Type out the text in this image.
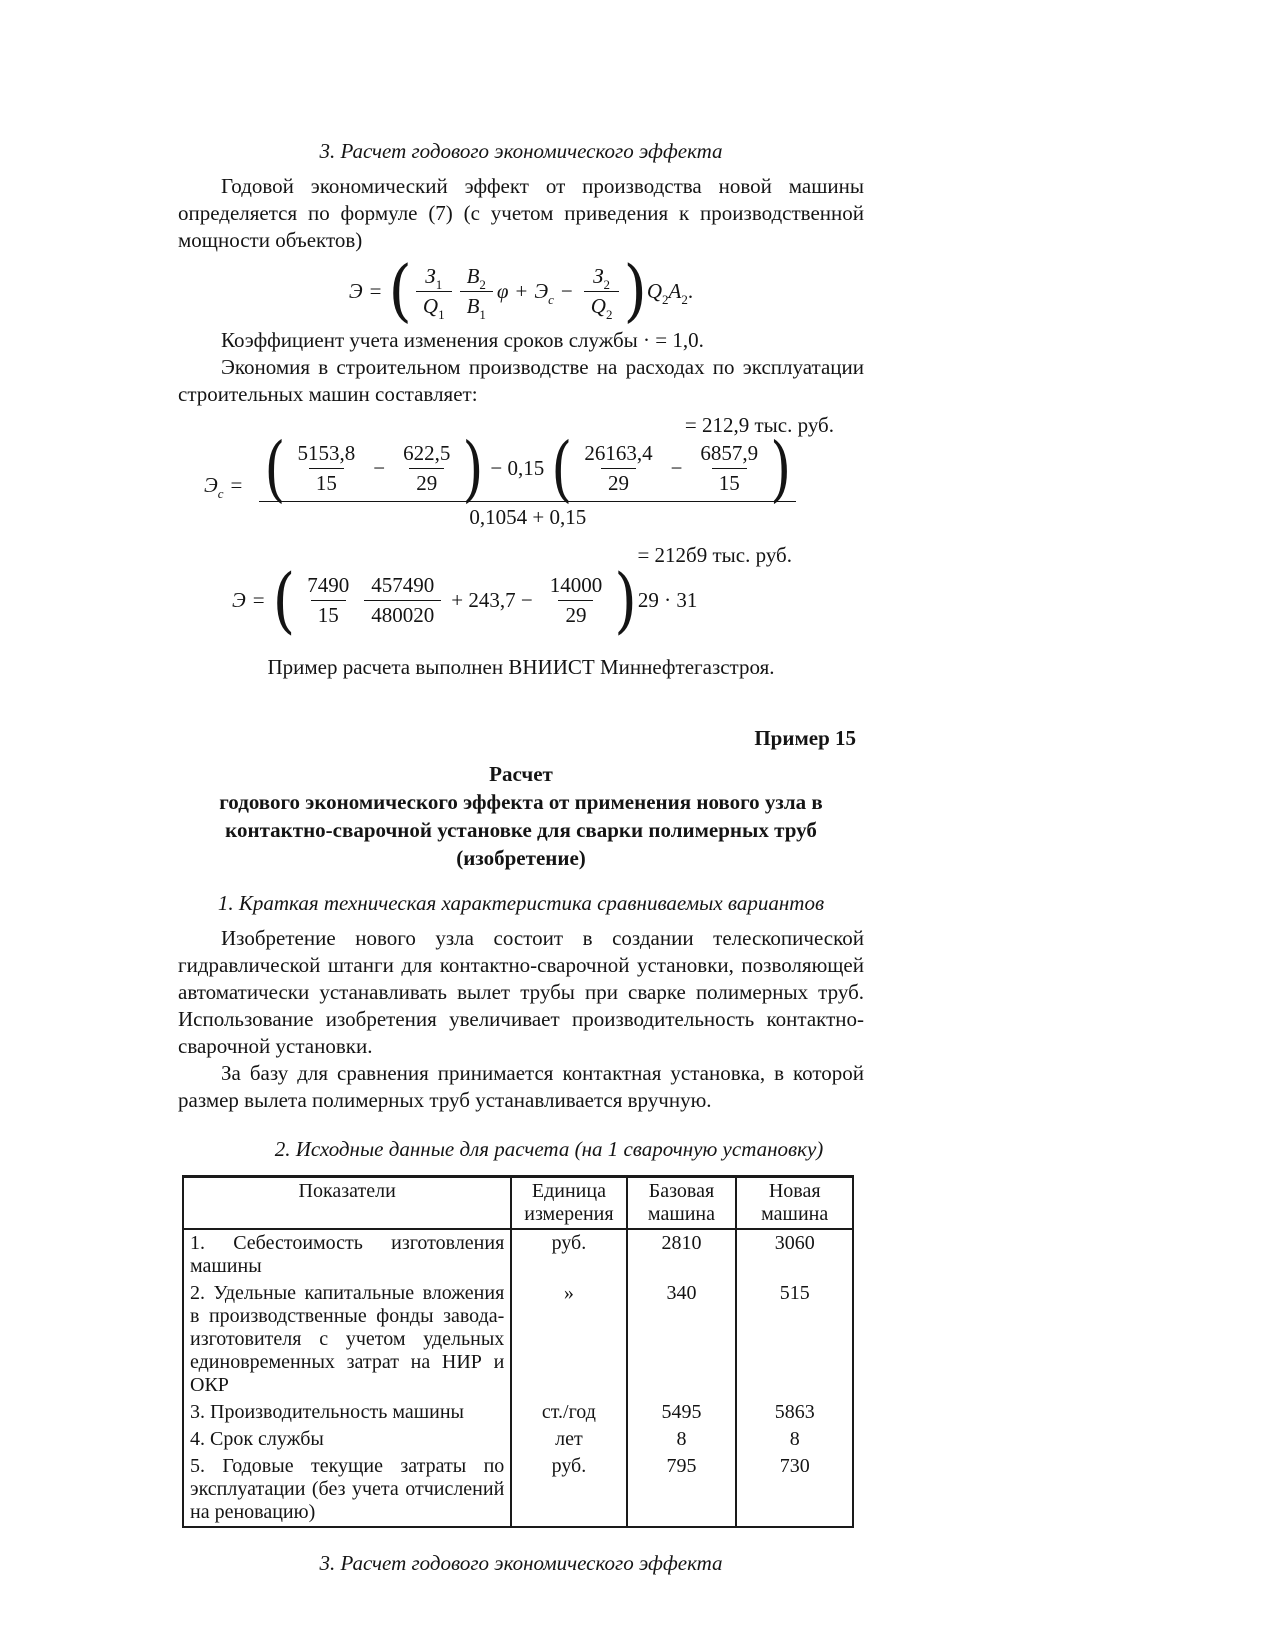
3. Расчет годового экономического эффекта

Годовой экономический эффект от производства новой машины определяется по формуле (7) (с учетом приведения к производственной мощности объектов)

Э = ( $\frac{З_1}{Q_1} \frac{В_2}{В_1}$ $\varphi + Э_с - \frac{З_2}{Q_2}$ ) $Q_2A_2$.

Коэффициент учета изменения сроков службы · = 1,0.

Экономия в строительном производстве на расходах по эксплуатации строительных машин составляет:

= 212,9 тыс. руб.
$Э_с$ = ( $\frac{5153,8}{15} - \frac{622,5}{29}$ ) − 0,15 ( $\frac{26163,4}{29} - \frac{6857,9}{15}$ )
0,1054 + 0,15
= 212б9 тыс. руб.
Э = ( $\frac{7490}{15} \frac{457490}{480020} + 243,7 - \frac{14000}{29}$ ) 29 · 31
Пример расчета выполнен ВНИИСТ Миннефтегазстроя.
Пример 15
Расчет
годового экономического эффекта от применения нового узла в
контактно-сварочной установке для сварки полимерных труб
(изобретение)
1. Краткая техническая характеристика сравниваемых вариантов

Изобретение нового узла состоит в создании телескопической гидравлической штанги для контактно-сварочной установки, позволяющей автоматически устанавливать вылет трубы при сварке полимерных труб. Использование изобретения увеличивает производительность контактно-сварочной установки.

За базу для сравнения принимается контактная установка, в которой размер вылета полимерных труб устанавливается вручную.

2. Исходные данные для расчета (на 1 сварочную установку)
Показатели	Единица измерения	Базовая машина	Новая машина
1. Себестоимость изготовления машины	руб.	2810	3060
2. Удельные капитальные вложения в производственные фонды завода-изготовителя с учетом удельных единовременных затрат на НИР и ОКР	»	340	515
3. Производительность машины	ст./год	5495	5863
4. Срок службы	лет	8	8
5. Годовые текущие затраты по эксплуатации (без учета отчислений на реновацию)	руб.	795	730
3. Расчет годового экономического эффекта
